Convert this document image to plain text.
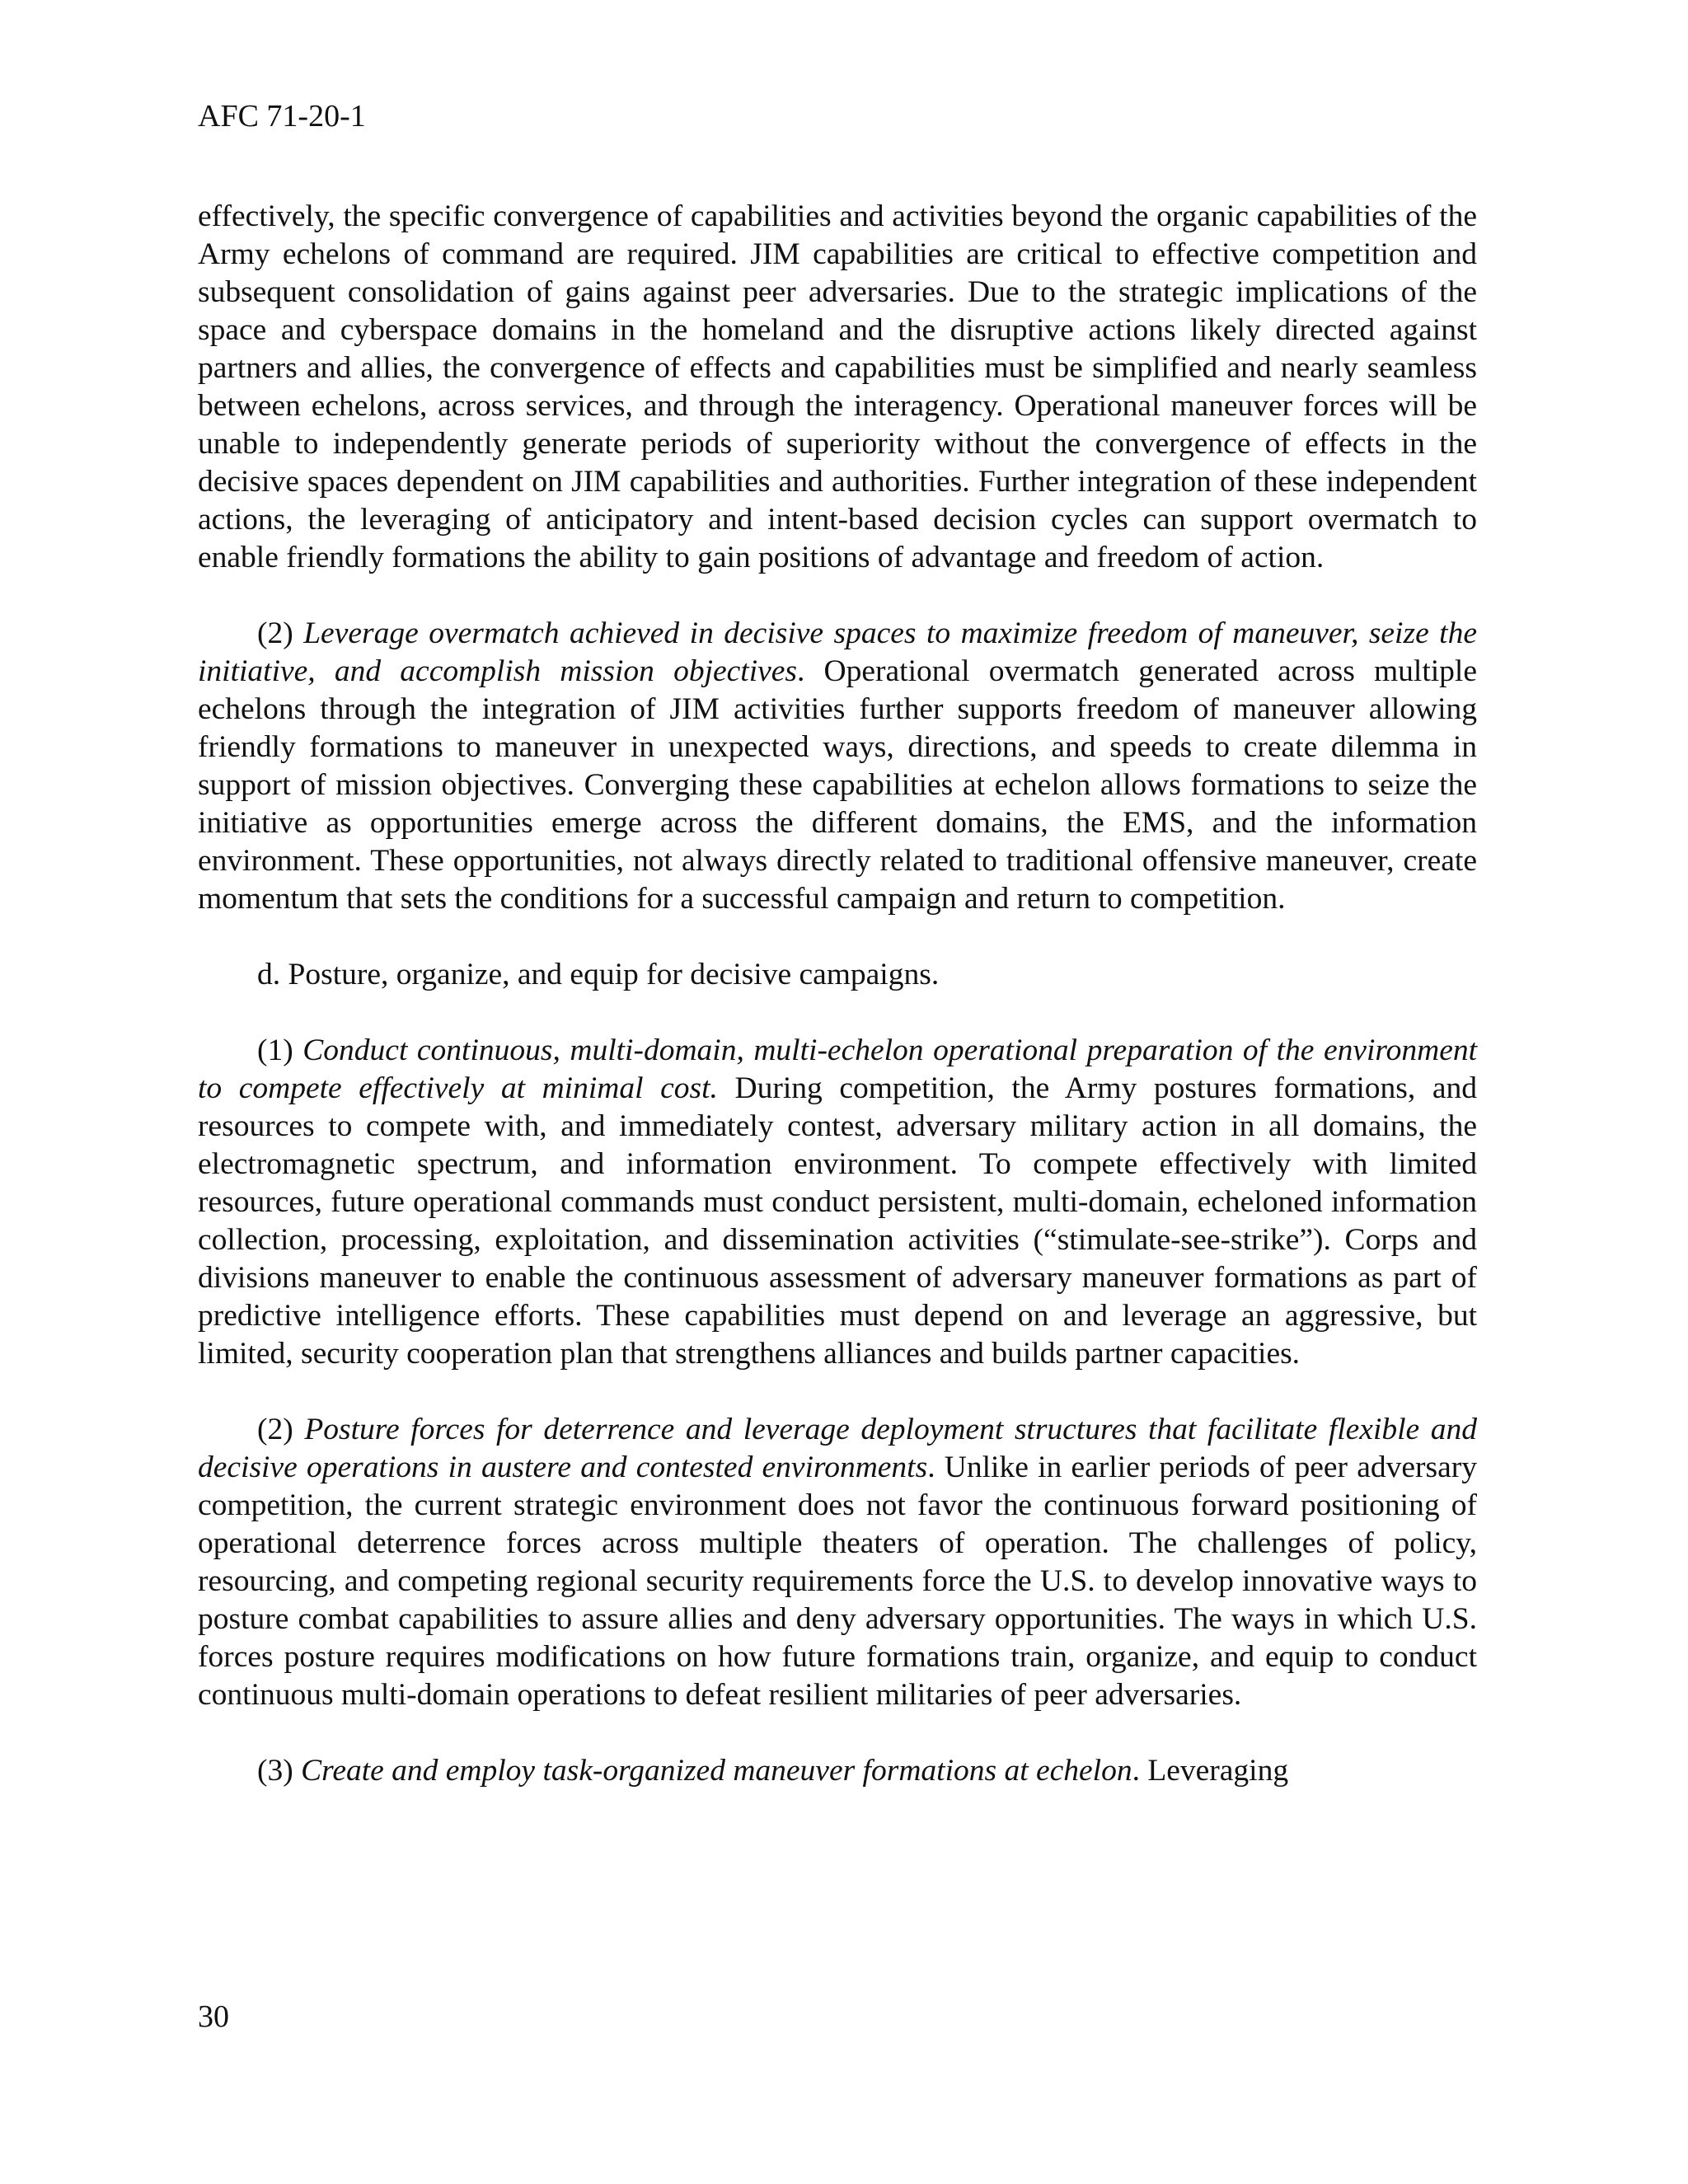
AFC 71-20-1

effectively, the specific convergence of capabilities and activities beyond the organic capabilities of the Army echelons of command are required. JIM capabilities are critical to effective competition and subsequent consolidation of gains against peer adversaries. Due to the strategic implications of the space and cyberspace domains in the homeland and the disruptive actions likely directed against partners and allies, the convergence of effects and capabilities must be simplified and nearly seamless between echelons, across services, and through the interagency. Operational maneuver forces will be unable to independently generate periods of superiority without the convergence of effects in the decisive spaces dependent on JIM capabilities and authorities. Further integration of these independent actions, the leveraging of anticipatory and intent-based decision cycles can support overmatch to enable friendly formations the ability to gain positions of advantage and freedom of action.

(2) Leverage overmatch achieved in decisive spaces to maximize freedom of maneuver, seize the initiative, and accomplish mission objectives. Operational overmatch generated across multiple echelons through the integration of JIM activities further supports freedom of maneuver allowing friendly formations to maneuver in unexpected ways, directions, and speeds to create dilemma in support of mission objectives. Converging these capabilities at echelon allows formations to seize the initiative as opportunities emerge across the different domains, the EMS, and the information environment. These opportunities, not always directly related to traditional offensive maneuver, create momentum that sets the conditions for a successful campaign and return to competition.

d. Posture, organize, and equip for decisive campaigns.

(1) Conduct continuous, multi-domain, multi-echelon operational preparation of the environment to compete effectively at minimal cost. During competition, the Army postures formations, and resources to compete with, and immediately contest, adversary military action in all domains, the electromagnetic spectrum, and information environment. To compete effectively with limited resources, future operational commands must conduct persistent, multi-domain, echeloned information collection, processing, exploitation, and dissemination activities (“stimulate-see-strike”). Corps and divisions maneuver to enable the continuous assessment of adversary maneuver formations as part of predictive intelligence efforts. These capabilities must depend on and leverage an aggressive, but limited, security cooperation plan that strengthens alliances and builds partner capacities.

(2) Posture forces for deterrence and leverage deployment structures that facilitate flexible and decisive operations in austere and contested environments. Unlike in earlier periods of peer adversary competition, the current strategic environment does not favor the continuous forward positioning of operational deterrence forces across multiple theaters of operation. The challenges of policy, resourcing, and competing regional security requirements force the U.S. to develop innovative ways to posture combat capabilities to assure allies and deny adversary opportunities. The ways in which U.S. forces posture requires modifications on how future formations train, organize, and equip to conduct continuous multi-domain operations to defeat resilient militaries of peer adversaries.

(3) Create and employ task-organized maneuver formations at echelon. Leveraging

30
